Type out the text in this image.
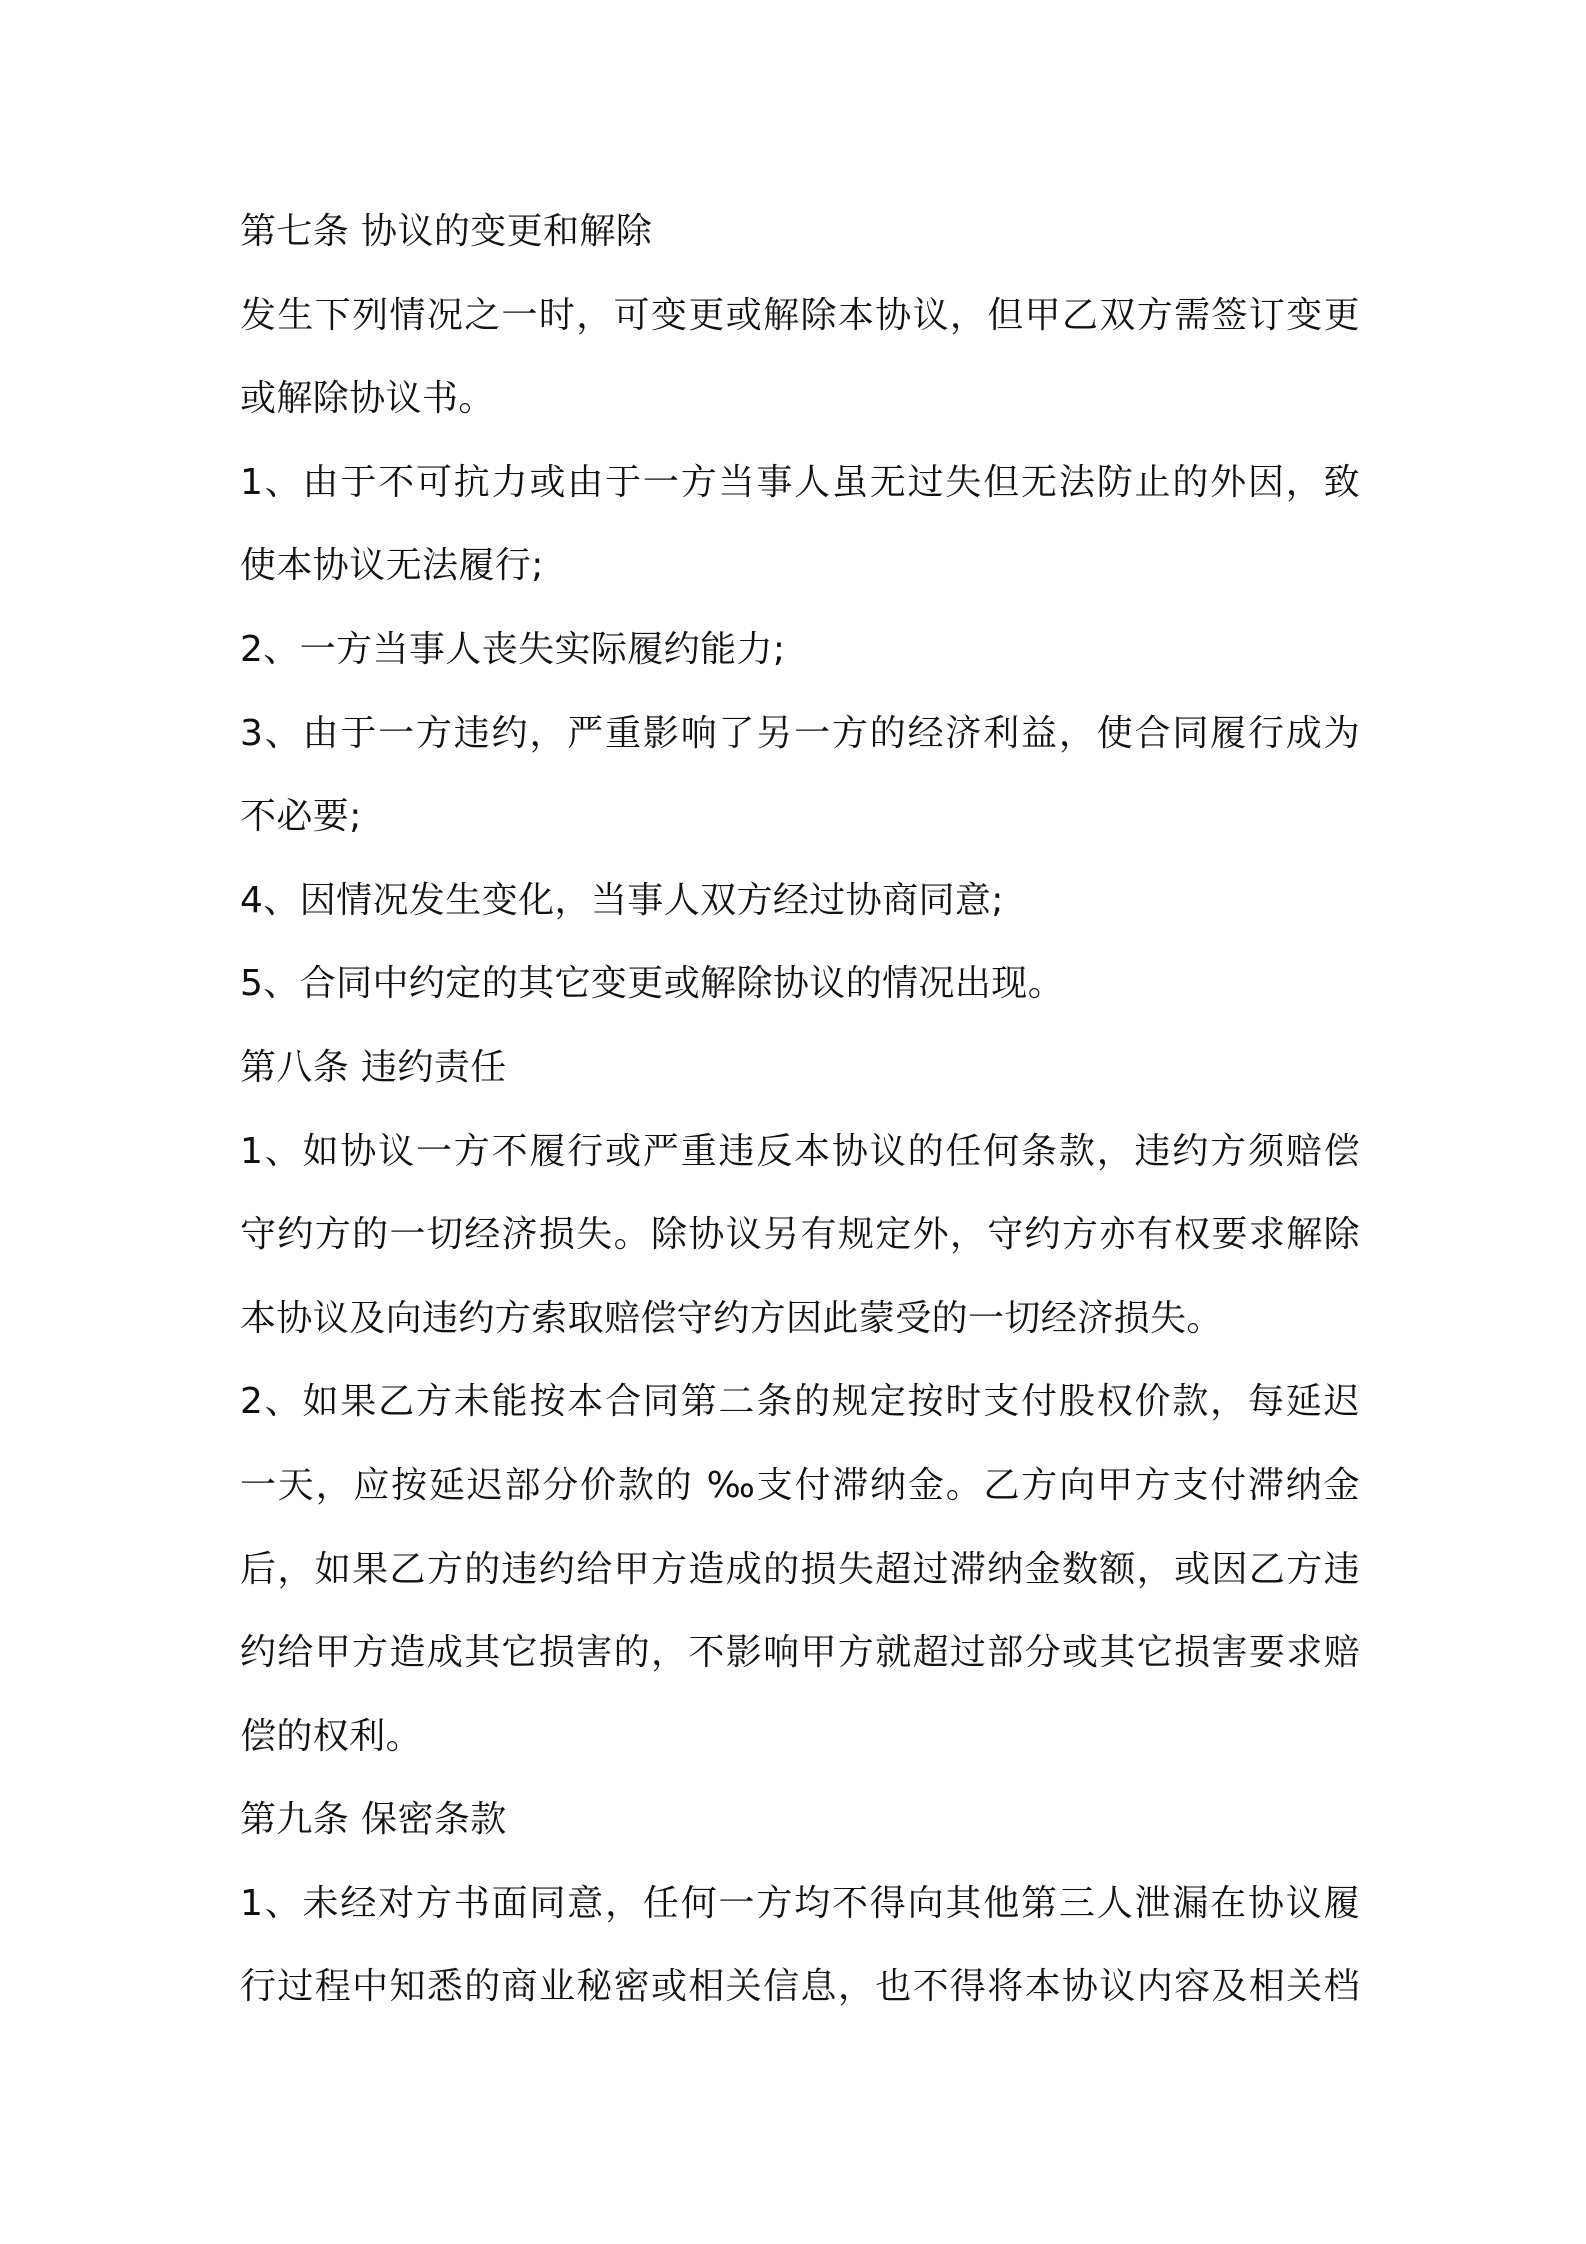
第七条 协议的变更和解除
发生下列情况之一时，可变更或解除本协议，但甲乙双方需签订变更
或解除协议书。
1、由于不可抗力或由于一方当事人虽无过失但无法防止的外因，致
使本协议无法履行;
2、一方当事人丧失实际履约能力;
3、由于一方违约，严重影响了另一方的经济利益，使合同履行成为
不必要;
4、因情况发生变化，当事人双方经过协商同意;
5、合同中约定的其它变更或解除协议的情况出现。
第八条 违约责任
1、如协议一方不履行或严重违反本协议的任何条款，违约方须赔偿
守约方的一切经济损失。除协议另有规定外，守约方亦有权要求解除
本协议及向违约方索取赔偿守约方因此蒙受的一切经济损失。
2、如果乙方未能按本合同第二条的规定按时支付股权价款，每延迟
一天，应按延迟部分价款的 ‰支付滞纳金。乙方向甲方支付滞纳金
后，如果乙方的违约给甲方造成的损失超过滞纳金数额，或因乙方违
约给甲方造成其它损害的，不影响甲方就超过部分或其它损害要求赔
偿的权利。
第九条 保密条款
1、未经对方书面同意，任何一方均不得向其他第三人泄漏在协议履
行过程中知悉的商业秘密或相关信息，也不得将本协议内容及相关档
